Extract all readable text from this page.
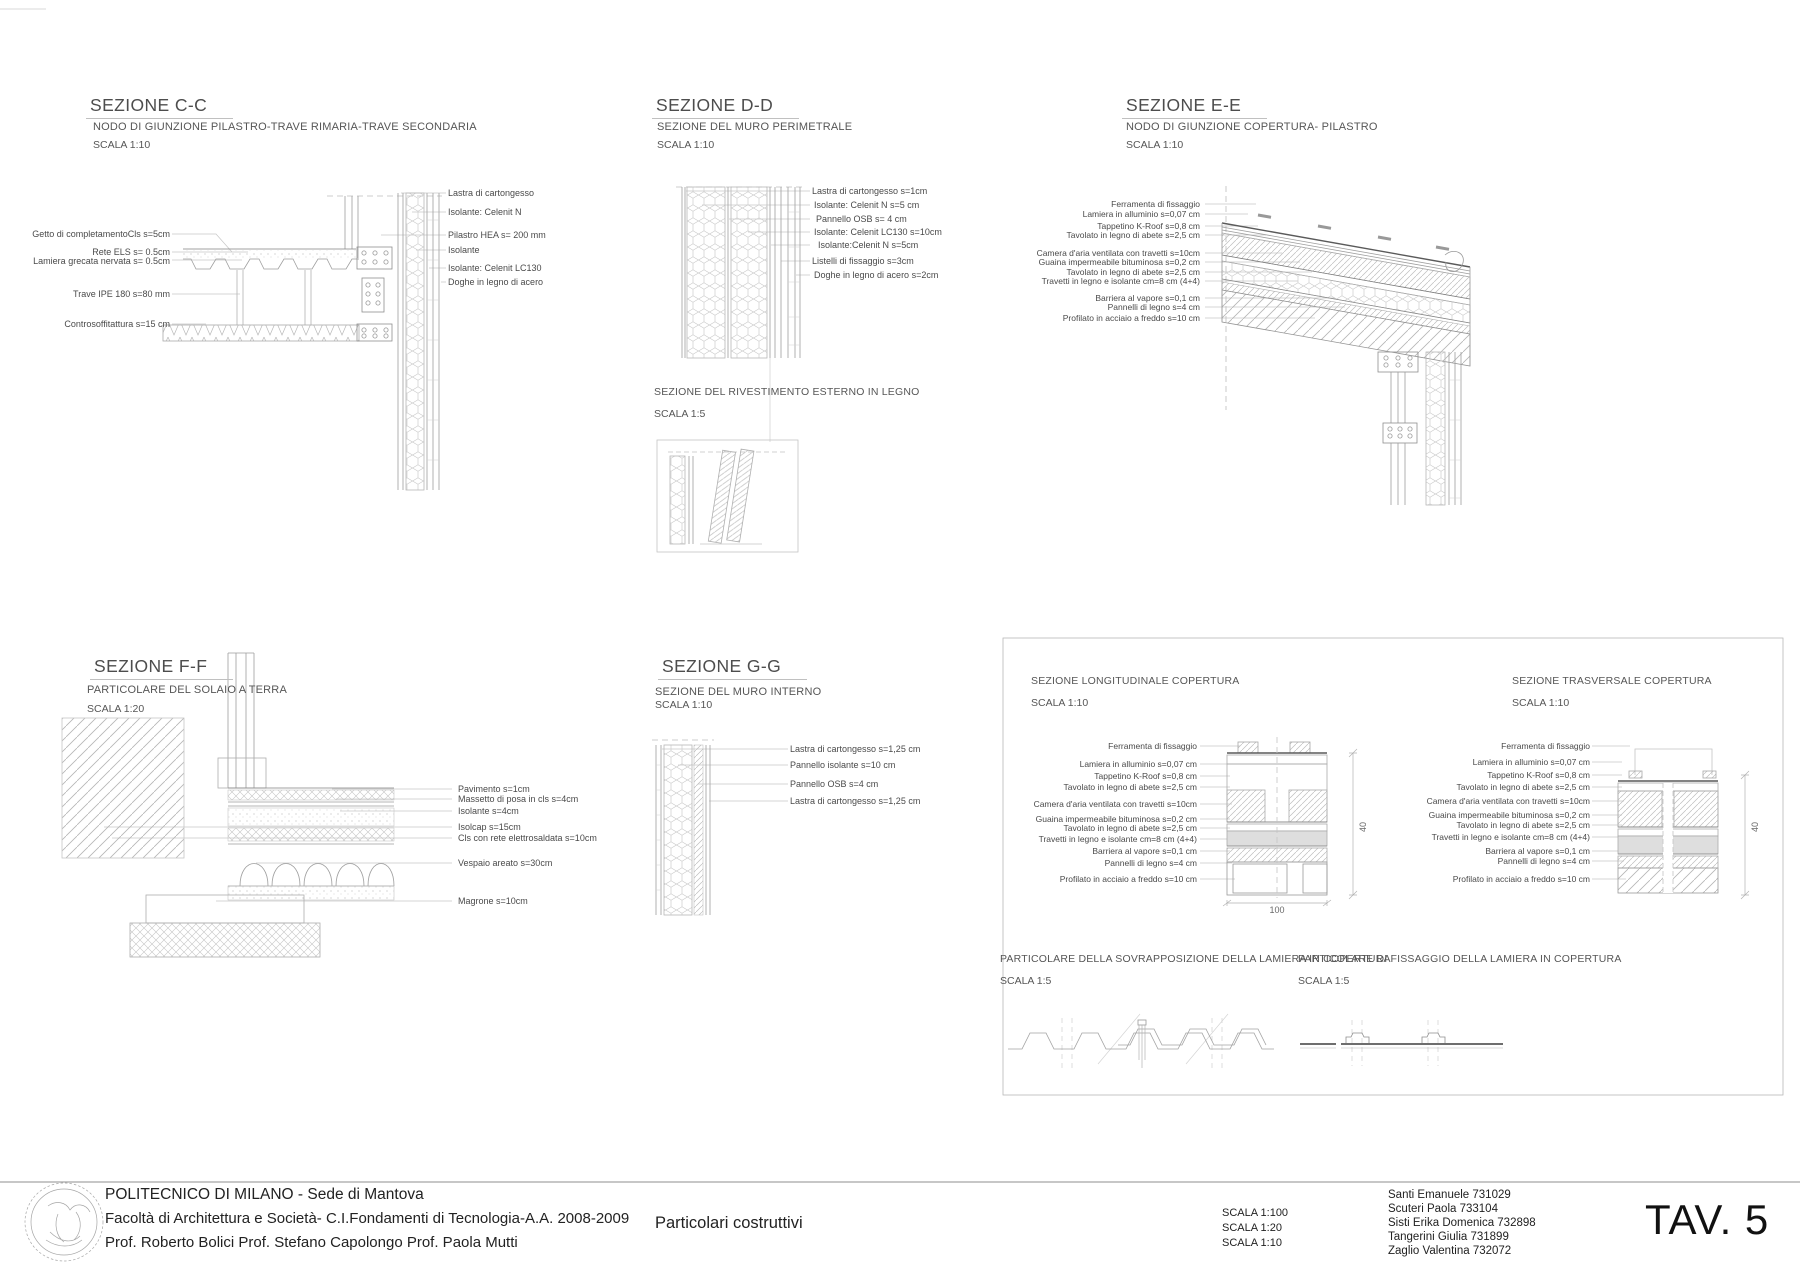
SEZIONE C-C
NODO DI GIUNZIONE PILASTRO-TRAVE RIMARIA-TRAVE SECONDARIA
SCALA 1:10
Getto di completamentoCls s=5cm
Rete ELS s= 0.5cm
Lamiera grecata nervata s= 0.5cm
Trave IPE 180 s=80 mm
Controsoffitattura s=15 cm
Lastra di cartongesso
Isolante: Celenit N
Pilastro HEA s= 200 mm
Isolante
Isolante: Celenit LC130
Doghe in legno di acero
SEZIONE D-D
SEZIONE DEL MURO PERIMETRALE
SCALA 1:10
Lastra di cartongesso s=1cm
Isolante: Celenit N s=5 cm
Pannello OSB s= 4 cm
Isolante: Celenit LC130 s=10cm
Isolante:Celenit N s=5cm
Listelli di fissaggio s=3cm
Doghe in legno di acero s=2cm
SEZIONE DEL RIVESTIMENTO ESTERNO IN LEGNO
SCALA 1:5
SEZIONE E-E
NODO DI GIUNZIONE COPERTURA- PILASTRO
SCALA 1:10
Ferramenta di fissaggio
Lamiera in alluminio s=0,07 cm
Tappetino K-Roof s=0,8 cm
Tavolato in legno di abete s=2,5 cm
Camera d'aria ventilata con travetti s=10cm
Guaina impermeabile bituminosa s=0,2 cm
Tavolato in legno di abete s=2,5 cm
Travetti in legno e isolante cm=8 cm (4+4)
Barriera al vapore s=0,1 cm
Pannelli di legno s=4 cm
Profilato in acciaio a freddo s=10 cm
SEZIONE F-F
PARTICOLARE DEL SOLAIO A TERRA
SCALA 1:20
Pavimento s=1cm
Massetto di posa in cls s=4cm
Isolante s=4cm
Isolcap s=15cm
Cls con rete elettrosaldata s=10cm
Vespaio areato s=30cm
Magrone s=10cm
SEZIONE G-G
SEZIONE DEL MURO INTERNO
SCALA 1:10
Lastra di cartongesso s=1,25 cm
Pannello isolante s=10 cm
Pannello OSB s=4 cm
Lastra di cartongesso s=1,25 cm
SEZIONE LONGITUDINALE COPERTURA
SCALA 1:10
Ferramenta di fissaggio
Lamiera in alluminio s=0,07 cm
Tappetino K-Roof s=0,8 cm
Tavolato in legno di abete s=2,5 cm
Camera d'aria ventilata con travetti s=10cm
Guaina impermeabile bituminosa s=0,2 cm
Tavolato in legno di abete s=2,5 cm
Travetti in legno e isolante cm=8 cm (4+4)
Barriera al vapore s=0,1 cm
Pannelli di legno s=4 cm
Profilato in acciaio a freddo s=10 cm
100
40
SEZIONE TRASVERSALE COPERTURA
SCALA 1:10
Ferramenta di fissaggio
Lamiera in alluminio s=0,07 cm
Tappetino K-Roof s=0,8 cm
Tavolato in legno di abete s=2,5 cm
Camera d'aria ventilata con travetti s=10cm
Guaina impermeabile bituminosa s=0,2 cm
Tavolato in legno di abete s=2,5 cm
Travetti in legno e isolante cm=8 cm (4+4)
Barriera al vapore s=0,1 cm
Pannelli di legno s=4 cm
Profilato in acciaio a freddo s=10 cm
40
PARTICOLARE DELLA SOVRAPPOSIZIONE DELLA LAMIERA IN COPERTURA
SCALA 1:5
PARTICOLARE DI FISSAGGIO DELLA LAMIERA IN COPERTURA
SCALA 1:5
POLITECNICO DI MILANO - Sede di Mantova
Facoltà di Architettura e Società- C.I.Fondamenti di Tecnologia-A.A. 2008-2009
Prof. Roberto Bolici Prof. Stefano Capolongo Prof. Paola Mutti
Particolari costruttivi
SCALA 1:100
SCALA 1:20
SCALA 1:10
Santi Emanuele 731029
Scuteri Paola 733104
Sisti Erika Domenica 732898
Tangerini Giulia 731899
Zaglio Valentina 732072
TAV. 5
